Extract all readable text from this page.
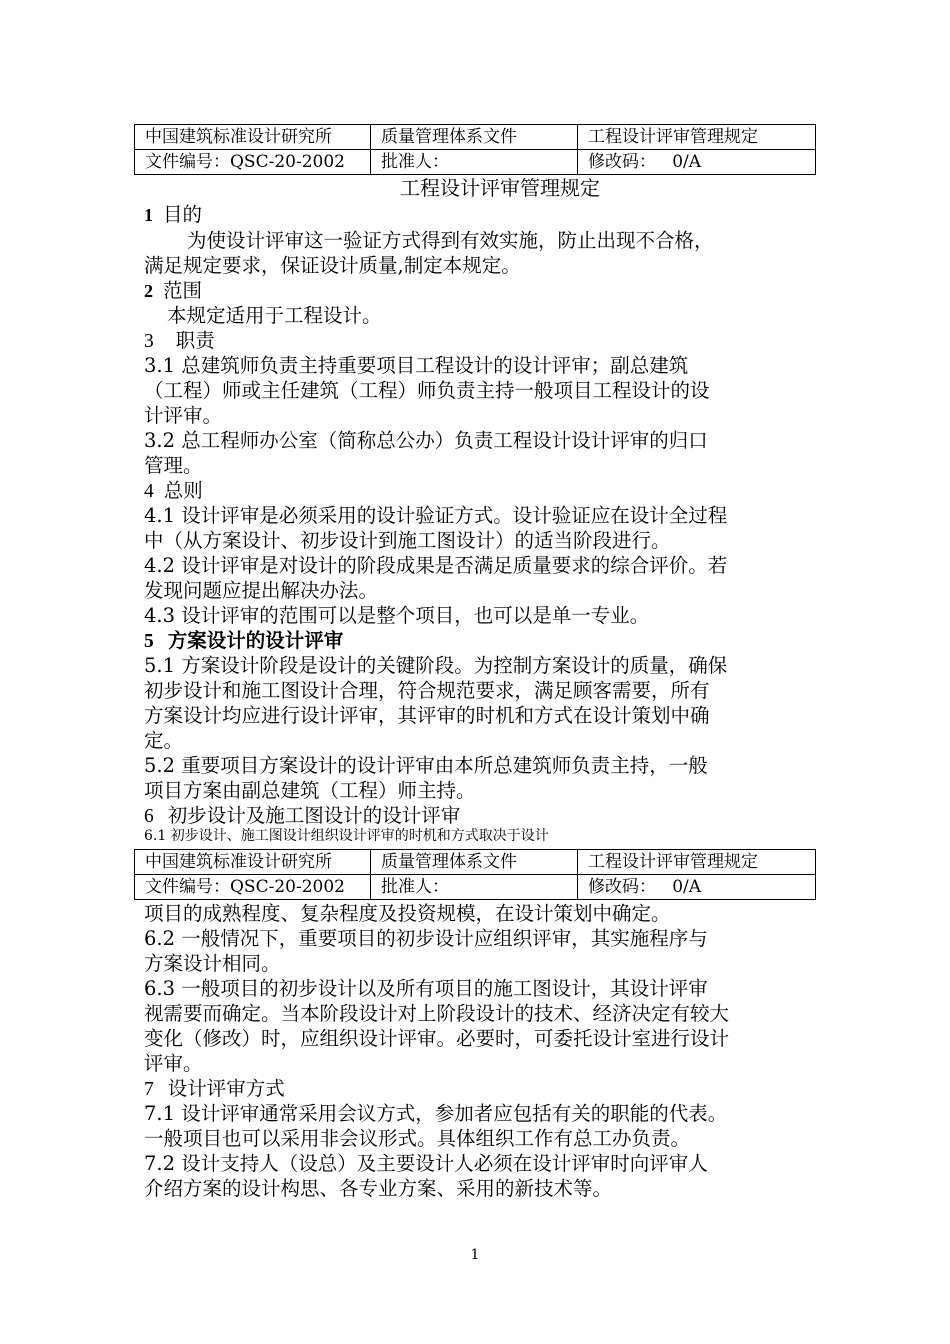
中国建筑标准设计研究所	质量管理体系文件	工程设计评审管理规定
文件编号：QSC-20-2002	批准人：	修改码： 0/A
工程设计评审管理规定
1 目的
为使设计评审这一验证方式得到有效实施，防止出现不合格，
满足规定要求，保证设计质量,制定本规定。
2 范围
本规定适用于工程设计。
3 职责
3.1 总建筑师负责主持重要项目工程设计的设计评审；副总建筑
（工程）师或主任建筑（工程）师负责主持一般项目工程设计的设
计评审。
3.2 总工程师办公室（简称总公办）负责工程设计设计评审的归口
管理。
4 总则
4.1 设计评审是必须采用的设计验证方式。设计验证应在设计全过程
中（从方案设计、初步设计到施工图设计）的适当阶段进行。
4.2 设计评审是对设计的阶段成果是否满足质量要求的综合评价。若
发现问题应提出解决办法。
4.3 设计评审的范围可以是整个项目，也可以是单一专业。
5 方案设计的设计评审
5.1 方案设计阶段是设计的关键阶段。为控制方案设计的质量，确保
初步设计和施工图设计合理，符合规范要求，满足顾客需要，所有
方案设计均应进行设计评审，其评审的时机和方式在设计策划中确
定。
5.2 重要项目方案设计的设计评审由本所总建筑师负责主持，一般
项目方案由副总建筑（工程）师主持。
6 初步设计及施工图设计的设计评审
6.1 初步设计、施工图设计组织设计评审的时机和方式取决于设计
中国建筑标准设计研究所	质量管理体系文件	工程设计评审管理规定
文件编号：QSC-20-2002	批准人：	修改码： 0/A
项目的成熟程度、复杂程度及投资规模，在设计策划中确定。
6.2 一般情况下，重要项目的初步设计应组织评审，其实施程序与
方案设计相同。
6.3 一般项目的初步设计以及所有项目的施工图设计，其设计评审
视需要而确定。当本阶段设计对上阶段设计的技术、经济决定有较大
变化（修改）时，应组织设计评审。必要时，可委托设计室进行设计
评审。
7 设计评审方式
7.1 设计评审通常采用会议方式，参加者应包括有关的职能的代表。
一般项目也可以采用非会议形式。具体组织工作有总工办负责。
7.2 设计支持人（设总）及主要设计人必须在设计评审时向评审人
介绍方案的设计构思、各专业方案、采用的新技术等。
1
